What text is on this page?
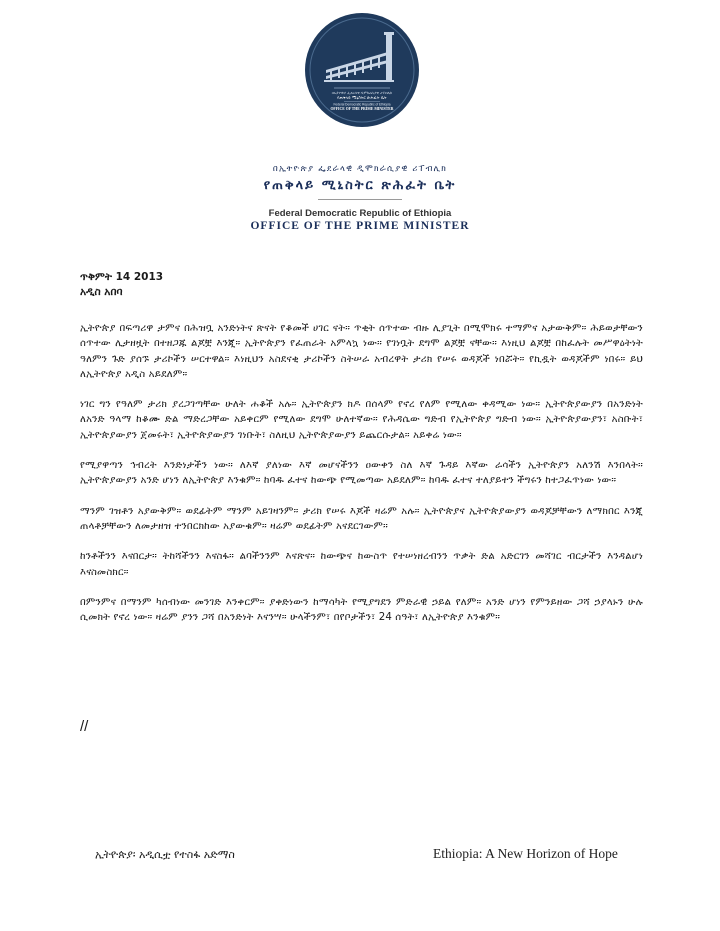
በኢትዮጵያ ፌደራላዊ ዲሞክራሲያዊ ሪፐብሊክ
የጠቅላይ ሚኒስትር ጽሕፈት ቤት
Federal Democratic Republic of Ethiopia
OFFICE OF THE PRIME MINISTER
በኢትዮጵያ ፌደራላዊ ዲሞክራሲያዊ ሪፐብሊክ
የጠቅላይ ሚኒስትር ጽሕፈት ቤት
Federal Democratic Republic of Ethiopia
OFFICE OF THE PRIME MINISTER
ጥቅምት 14 2013
አዲስ አበባ

ኢትዮጵያ በፍጣሪዋ ታምና በሕዝቧ አንድነትና ጽናት የቆመች ሀገር ናት። ጥቂት ሰጥተው ብዙ ሊያጊት በሚሞክሩ ተማምና አታውቅም። ሕይወታቸውን ሰጥተው ሊታዘዟት በተዘጋጁ ልጆቿ እንጂ። ኢትዮጵያን የፈጠራት አምላኳ ነው። የገነቧት ደግሞ ልጆቿ ናቸው። እነዚህ ልጆቿ በከፈሉት መሥዋዕትነት ዓለምን ጉድ ያሰኙ ታሪኮችን ሠርተዋል። እነዚህን አስደናቂ ታሪኮችን ስትሠራ አብረዋት ታሪክ የሠሩ ወዳጆች ነበሯት። የኪዷት ወዳጆችም ነበሩ። ይህ ለኢትዮጵያ አዲስ አይደለም።

ነገር ግን የዓለም ታሪክ ያረጋገጣቸው ሁለት ሐቆች አሉ። ኢትዮጵያን ክዶ በሰላም የኖረ የለም የሚለው ቀዳሚው ነው። ኢትዮጵያውያን በአንድነት ለአንድ ዓላማ ከቆሙ ድል ማድረጋቸው አይቀርም የሚለው ደግሞ ሁለተኛው። የሕዳሴው ግድብ የኢትዮጵያ ግድብ ነው። ኢትዮጵያውያን፣ አስቡት፣ ኢትዮጵያውያን ጀመሩት፣ ኢትዮጵያውያን ገነቡት፣ ስለዚህ ኢትዮጵያውያን ይጨርሱታል። አይቀሬ ነው።

የሚያዋጣን ኅብረት እንድነታችን ነው። ለእኛ ያለነው እኛ መሆናችንን ዐውቀን ስለ እኛ ጉዳይ እኛው ራሳችን ኢትዮጵያን አለንሽ እንበላት። ኢትዮጵያውያን አንድ ሆነን ለኢትዮጵያ እንቁም። ከባዱ ፈተና ከውጭ የሚመጣው አይደለም። ከባዱ ፈተና ተለያይተን ችግሩን ከተጋፈጥነው ነው።

ማንም ገዝቶን አያውቅም። ወደፊትም ማንም አይገዛንም። ታሪክ የሠሩ እጆች ዛሬም አሉ። ኢትዮጵያና ኢትዮጵያውያን ወዳጆቻቸውን ለማክበር እንጂ ጠላቶቻቸውን ለመታዘዝ ተንበርክከው አያውቁም። ዛሬም ወደፊትም አናደርገውም።

ከንቶችንን እናበርታ። ትከሻችንን እናስፋ። ልባችንንም እናጽና። ከውጭና ከውስጥ የተሠነዘረብንን ጥቃት ድል አድርገን መሻገር ብርታችን እንዳልሆነ እናስመስክር።

በምንምና በማንም ካሰብነው መንገድ እንቀርም። ያቀድነውን ከማሳካት የሚያግደን ምድራዊ ኃይል የለም። አንድ ሆነን የምንይዘው ጋሻ ኃያላኑን ሁሉ ሲመክት የኖረ ነው። ዛሬም ያንን ጋሻ በአንድነት እናንሣ። ሁላችንም፣ በየቦታችን፣ 24 ሰዓት፣ ለኢትዮጵያ እንቁም።

//
ኢትዮጵያ፡ አዲሲቷ የተስፋ አድማስ	Ethiopia: A New Horizon of Hope
